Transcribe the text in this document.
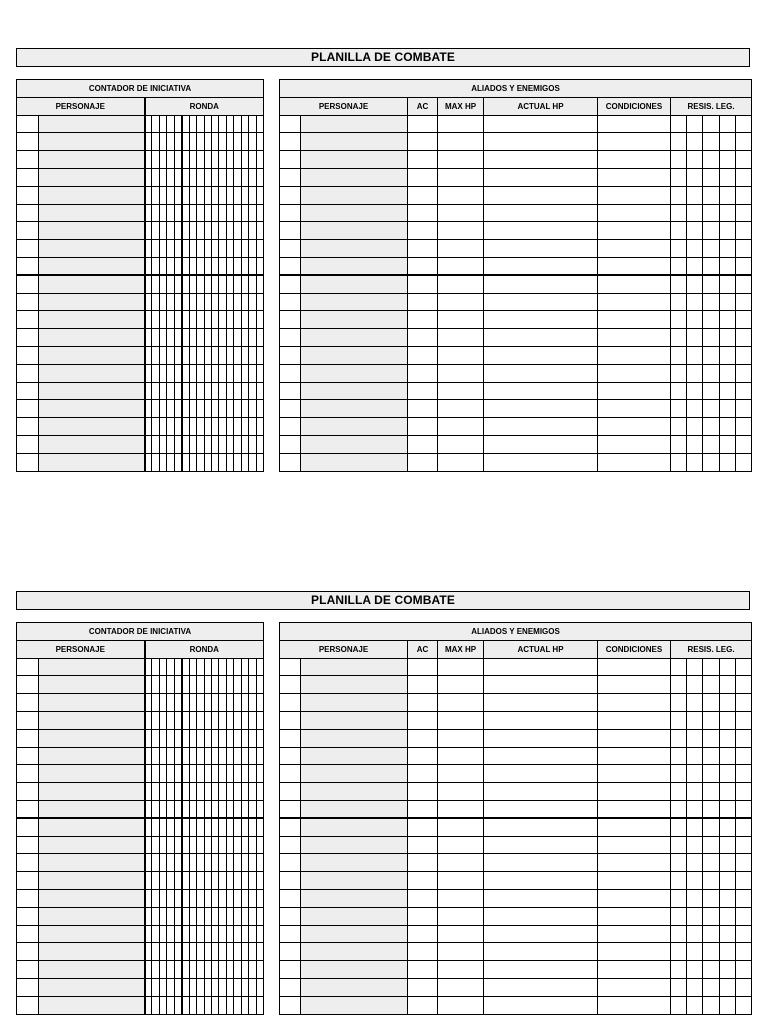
PLANILLA DE COMBATE
CONTADOR DE INICIATIVA																	
PERSONAJE		RONDA															

ALIADOS Y ENEMIGOS										
PERSONAJE		AC	MAX HP	ACTUAL HP	CONDICIONES	RESIS. LEG.				

PLANILLA DE COMBATE
CONTADOR DE INICIATIVA																	
PERSONAJE		RONDA															

ALIADOS Y ENEMIGOS										
PERSONAJE		AC	MAX HP	ACTUAL HP	CONDICIONES	RESIS. LEG.				
